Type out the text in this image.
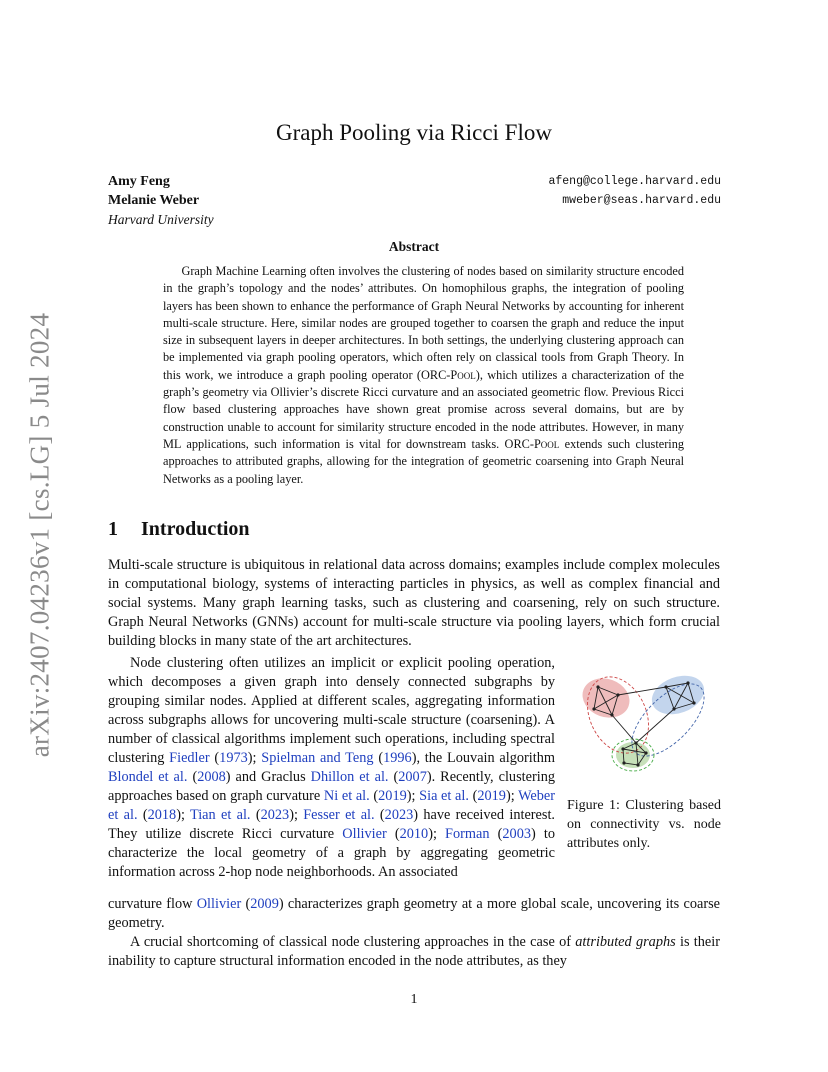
arXiv:2407.04236v1 [cs.LG] 5 Jul 2024
Graph Pooling via Ricci Flow
Amy Feng
Melanie Weber
Harvard University
afeng@college.harvard.edu
mweber@seas.harvard.edu
Abstract
  Graph Machine Learning often involves the clustering of nodes based on similarity structure encoded in the graph’s topology and the nodes’ attributes. On homophilous graphs, the integration of pooling layers has been shown to enhance the performance of Graph Neural Networks by accounting for inherent multi-scale structure. Here, similar nodes are grouped together to coarsen the graph and reduce the input size in subsequent layers in deeper architectures. In both settings, the underlying clustering approach can be implemented via graph pooling operators, which often rely on classical tools from Graph Theory. In this work, we introduce a graph pooling operator (ORC-Pool), which utilizes a characterization of the graph’s geometry via Ollivier’s discrete Ricci curvature and an associated geometric flow. Previous Ricci flow based clustering approaches have shown great promise across several domains, but are by construction unable to account for similarity structure encoded in the node attributes. However, in many ML applications, such information is vital for downstream tasks. ORC-Pool extends such clustering approaches to attributed graphs, allowing for the integration of geometric coarsening into Graph Neural Networks as a pooling layer.
1 Introduction
Multi-scale structure is ubiquitous in relational data across domains; examples include complex molecules in computational biology, systems of interacting particles in physics, as well as complex financial and social systems. Many graph learning tasks, such as clustering and coarsening, rely on such structure. Graph Neural Networks (GNNs) account for multi-scale structure via pooling layers, which form crucial building blocks in many state of the art architectures.
Node clustering often utilizes an implicit or explicit pooling operation, which decomposes a given graph into densely connected subgraphs by grouping similar nodes. Applied at different scales, aggregating information across subgraphs allows for uncovering multi-scale structure (coarsening). A number of classical algorithms implement such operations, including spectral clustering Fiedler (1973); Spielman and Teng (1996), the Louvain algorithm Blondel et al. (2008) and Graclus Dhillon et al. (2007). Recently, clustering approaches based on graph curvature Ni et al. (2019); Sia et al. (2019); Weber et al. (2018); Tian et al. (2023); Fesser et al. (2023) have received interest. They utilize discrete Ricci curvature Ollivier (2010); Forman (2003) to characterize the local geometry of a graph by aggregating geometric information across 2-hop node neighborhoods. An associated
Figure 1: Clustering based on connectivity vs. node attributes only.
curvature flow Ollivier (2009) characterizes graph geometry at a more global scale, uncovering its coarse geometry.
A crucial shortcoming of classical node clustering approaches in the case of attributed graphs is their inability to capture structural information encoded in the node attributes, as they
1
